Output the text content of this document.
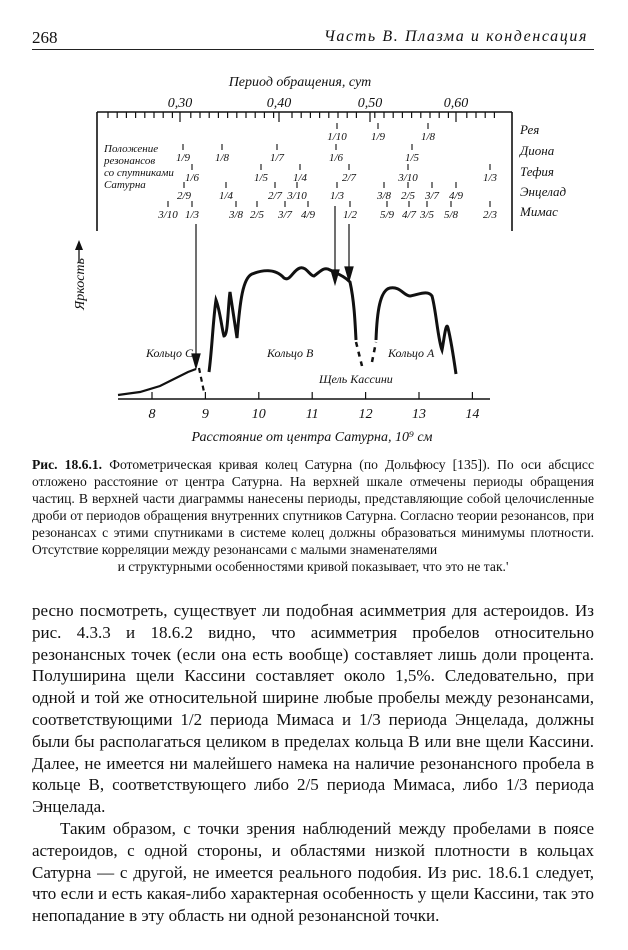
268	Часть В. Плазма и конденсация
Период обращения, сут
0,30	0,40	0,50	0,60
Положение резонансов со спутниками Сатурна
Рея
Диона
Тефия
Энцелад
Мимас
1/10 1/9	1/8
1/9 1/8	1/7	1/6	1/5
1/6	1/5 1/4	2/7	3/10	1/3
2/9	1/4	2/7 3/10 1/3	3/8 2/5 3/7 4/9
3/10 1/3	3/8 2/5 3/7 4/9	1/2 5/9 4/7 3/5 5/8 2/3
Яркость
Кольцо С	Кольцо В	Кольцо А
Щель Кассини
8	9	10	11	12	13	14
Расстояние от центра Сатурна, 10⁹ см
Рис. 18.6.1. Фотометрическая кривая колец Сатурна (по Дольфюсу [135]). По оси абсцисс отложено расстояние от центра Сатурна. На верхней шкале отмечены периоды обращения частиц. В верхней части диаграммы нанесены периоды, представляющие собой целочисленные дроби от периодов обращения внутренних спутников Сатурна. Согласно теории резонансов, при резонансах с этими спутниками в системе колец должны образоваться минимумы плотности. Отсутствие корреляции между резонансами с малыми знаменателями
и структурными особенностями кривой показывает, что это не так.'

ресно посмотреть, существует ли подобная асимметрия для астероидов. Из рис. 4.3.3 и 18.6.2 видно, что асимметрия пробелов относительно резонансных точек (если она есть вообще) составляет лишь доли процента. Полуширина щели Кассини составляет около 1,5%. Следовательно, при одной и той же относительной ширине любые пробелы между резонансами, соответствующими 1/2 периода Мимаса и 1/3 периода Энцелада, должны были бы располагаться целиком в пределах кольца В или вне щели Кассини. Далее, не имеется ни малейшего намека на наличие резонансного пробела в кольце В, соответствующего либо 2/5 периода Мимаса, либо 1/3 периода Энцелада.

Таким образом, с точки зрения наблюдений между пробелами в поясе астероидов, с одной стороны, и областями низкой плотности в кольцах Сатурна — с другой, не имеется реального подобия. Из рис. 18.6.1 следует, что если и есть какая-либо характерная особенность у щели Кассини, так это непопадание в эту область ни одной резонансной точки.
